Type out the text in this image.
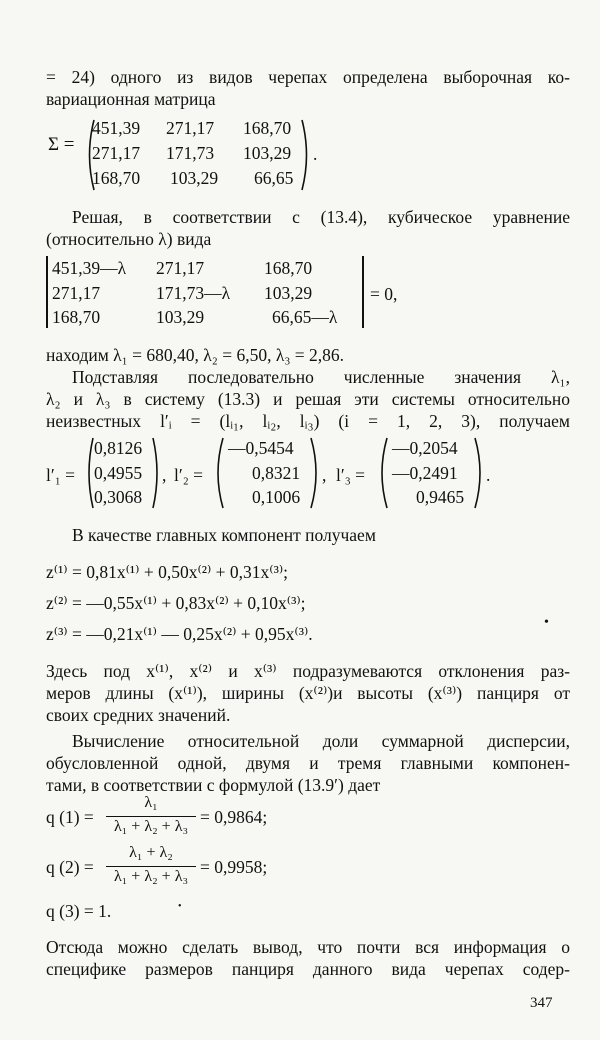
= 24) одного из видов черепах определена выборочная ко-
вариационная матрица
Σ =
451,39 271,17 168,70
271,17 171,73 103,29
168,70 103,29 66,65
.
Решая, в соответствии с (13.4), кубическое уравнение
(относительно λ) вида
451,39—λ 271,17	168,70
271,17	171,73—λ 103,29
168,70	103,29	66,65—λ
= 0,
находим λ₁ = 680,40, λ₂ = 6,50, λ₃ = 2,86.
Подставляя последовательно численные значения λ₁,
λ₂ и λ₃ в систему (13.3) и решая эти системы относительно
неизвестных l′ᵢ = (lᵢ₁, lᵢ₂, lᵢ₃) (i = 1, 2, 3), получаем
l′₁ =
0,8126
0,4955
0,3068
, l′₂ =
—0,5454
0,8321
0,1006
, l′₃ =
—0,2054
—0,2491
0,9465
.
В качестве главных компонент получаем
z⁽¹⁾ = 0,81x⁽¹⁾ + 0,50x⁽²⁾ + 0,31x⁽³⁾;
z⁽²⁾ = —0,55x⁽¹⁾ + 0,83x⁽²⁾ + 0,10x⁽³⁾;
z⁽³⁾ = —0,21x⁽¹⁾ — 0,25x⁽²⁾ + 0,95x⁽³⁾.
•
Здесь под x⁽¹⁾, x⁽²⁾ и x⁽³⁾ подразумеваются отклонения раз-
меров длины (x⁽¹⁾), ширины (x⁽²⁾)и высоты (x⁽³⁾) панциря от
своих средних значений.
Вычисление относительной доли суммарной дисперсии,
обусловленной одной, двумя и тремя главными компонен-
тами, в соответствии с формулой (13.9′) дает
q (1) =
λ₁
λ₁ + λ₂ + λ₃ = 0,9864;
q (2) =
λ₁ + λ₂
λ₁ + λ₂ + λ₃ = 0,9958;
q (3) = 1.	•
Отсюда можно сделать вывод, что почти вся информация о
специфике размеров панциря данного вида черепах содер-
347
